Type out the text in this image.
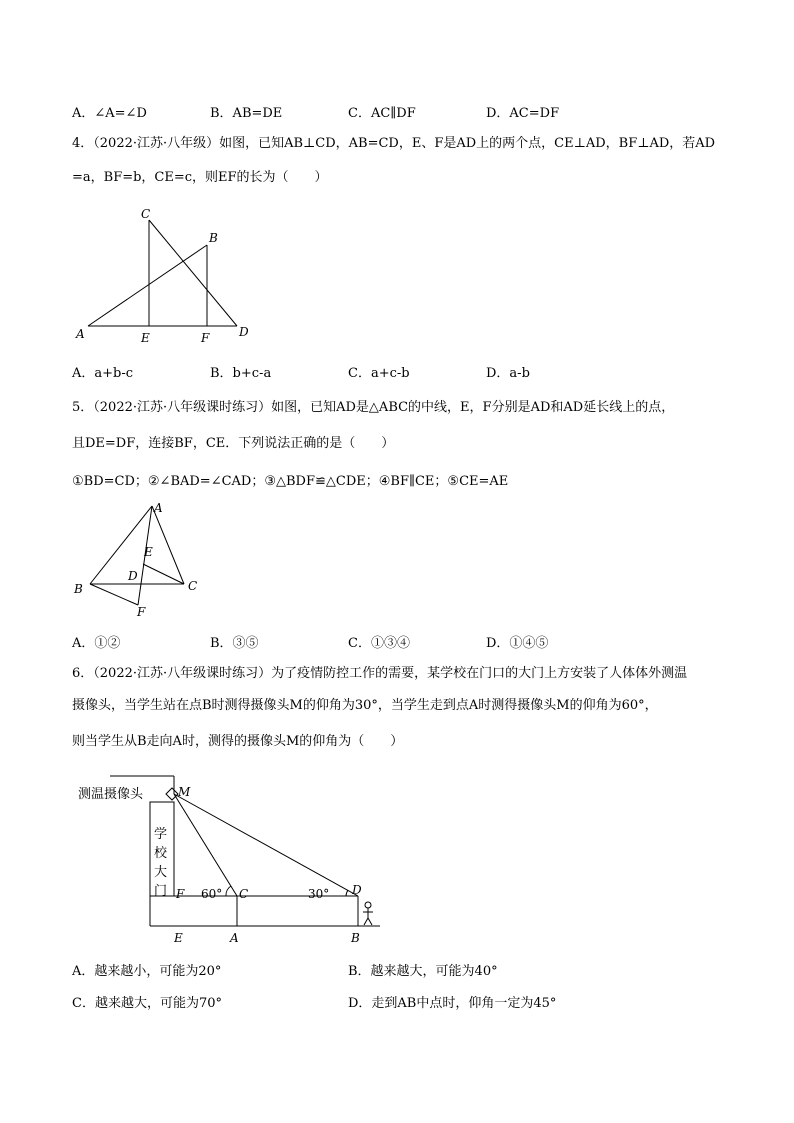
A．∠A=∠D	B．AB=DE	C．AC∥DF	D．AC=DF
4．（2022·江苏·八年级）如图，已知AB⊥CD，AB=CD，E、F是AD上的两个点，CE⊥AD，BF⊥AD，若AD
=a，BF=b，CE=c，则EF的长为（　　）
C
B
A	E	F D
A．a+b-c	B．b+c-a	C．a+c-b	D．a-b
5．（2022·江苏·八年级课时练习）如图，已知AD是△ABC的中线，E，F分别是AD和AD延长线上的点，
且DE=DF，连接BF，CE．下列说法正确的是（　　）
①BD=CD；②∠BAD=∠CAD；③△BDF≌△CDE；④BF∥CE；⑤CE=AE
A
E
D
B	C
F
A．①②	B．③⑤	C．①③④	D．①④⑤
6．（2022·江苏·八年级课时练习）为了疫情防控工作的需要，某学校在门口的大门上方安装了人体体外测温
摄像头，当学生站在点B时测得摄像头M的仰角为30°，当学生走到点A时测得摄像头M的仰角为60°，
则当学生从B走向A时，测得的摄像头M的仰角为（　　）
测温摄像头
学
校
大
门	60°	30°
M
F	C	D
E	A	B
A．越来越小，可能为20°	B．越来越大，可能为40°
C．越来越大，可能为70°	D．走到AB中点时，仰角一定为45°
